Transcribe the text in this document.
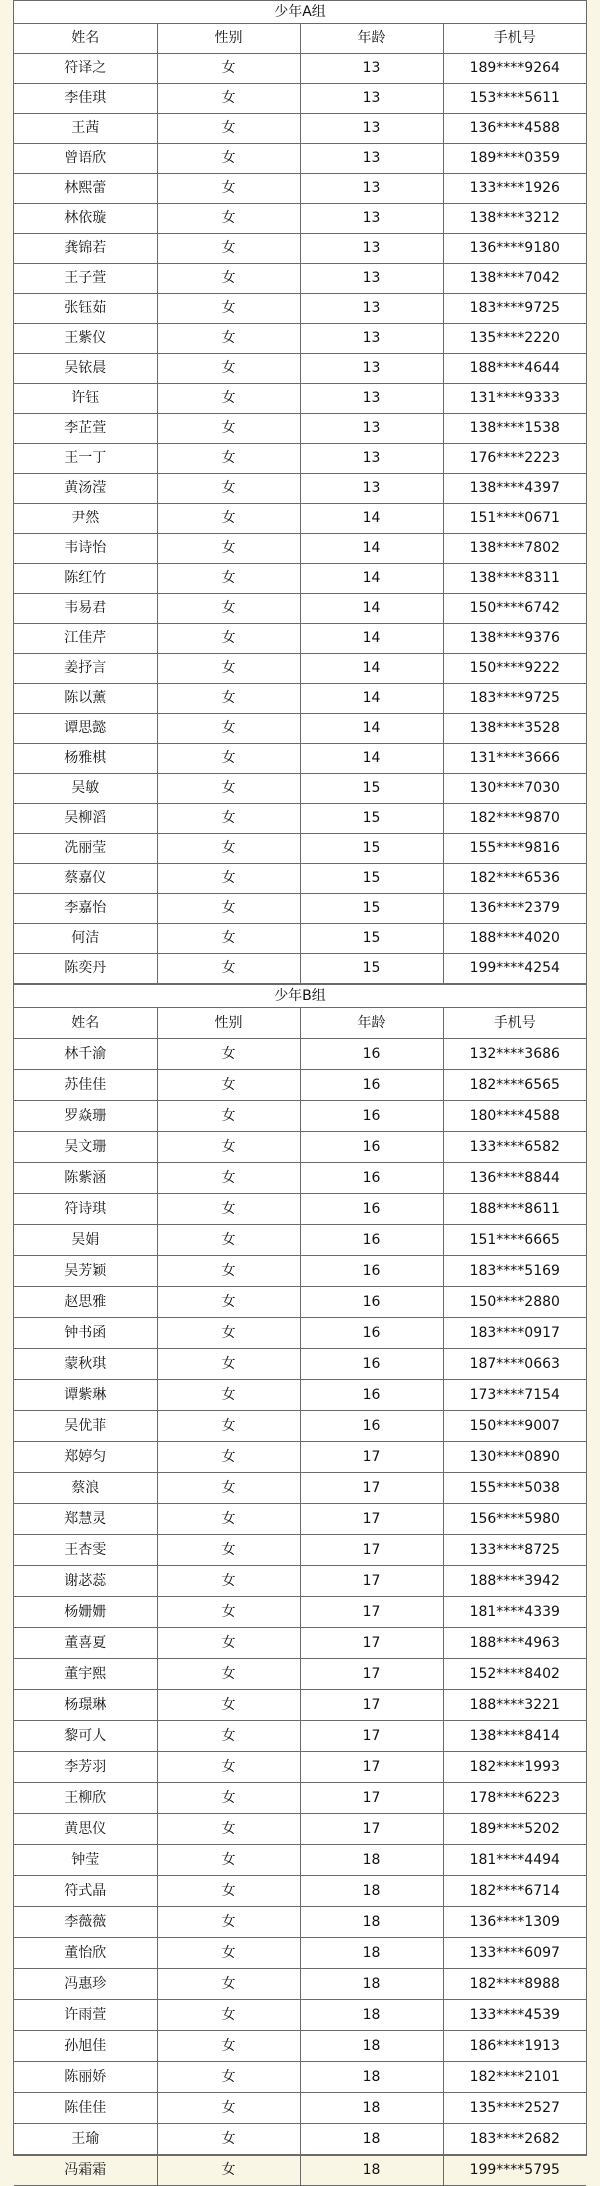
少年A组
姓名	性别	年龄	手机号
符译之	女	13	189****9264
李佳琪	女	13	153****5611
王茜	女	13	136****4588
曾语欣	女	13	189****0359
林熙蕾	女	13	133****1926
林依璇	女	13	138****3212
龚锦若	女	13	136****9180
王子萱	女	13	138****7042
张钰茹	女	13	183****9725
王紫仪	女	13	135****2220
吴铱晨	女	13	188****4644
许钰	女	13	131****9333
李芷萱	女	13	138****1538
王一丁	女	13	176****2223
黄汤滢	女	13	138****4397
尹然	女	14	151****0671
韦诗怡	女	14	138****7802
陈红竹	女	14	138****8311
韦易君	女	14	150****6742
江佳芹	女	14	138****9376
姜抒言	女	14	150****9222
陈以薰	女	14	183****9725
谭思懿	女	14	138****3528
杨雅棋	女	14	131****3666
吴敏	女	15	130****7030
吴柳滔	女	15	182****9870
冼丽莹	女	15	155****9816
蔡嘉仪	女	15	182****6536
李嘉怡	女	15	136****2379
何洁	女	15	188****4020
陈奕丹	女	15	199****4254
少年B组
姓名	性别	年龄	手机号
林千渝	女	16	132****3686
苏佳佳	女	16	182****6565
罗焱珊	女	16	180****4588
吴文珊	女	16	133****6582
陈紫涵	女	16	136****8844
符诗琪	女	16	188****8611
吴娟	女	16	151****6665
吴芳颖	女	16	183****5169
赵思雅	女	16	150****2880
钟书函	女	16	183****0917
蒙秋琪	女	16	187****0663
谭紫琳	女	16	173****7154
吴优菲	女	16	150****9007
郑婷匀	女	17	130****0890
蔡浪	女	17	155****5038
郑慧灵	女	17	156****5980
王杏雯	女	17	133****8725
谢苾蕊	女	17	188****3942
杨姗姗	女	17	181****4339
董喜夏	女	17	188****4963
董宇熙	女	17	152****8402
杨璟琳	女	17	188****3221
黎可人	女	17	138****8414
李芳羽	女	17	182****1993
王柳欣	女	17	178****6223
黄思仪	女	17	189****5202
钟莹	女	18	181****4494
符式晶	女	18	182****6714
李薇薇	女	18	136****1309
董怡欣	女	18	133****6097
冯惠珍	女	18	182****8988
许雨萱	女	18	133****4539
孙旭佳	女	18	186****1913
陈丽娇	女	18	182****2101
陈佳佳	女	18	135****2527
王瑜	女	18	183****2682
冯霜霜	女	18	199****5795
